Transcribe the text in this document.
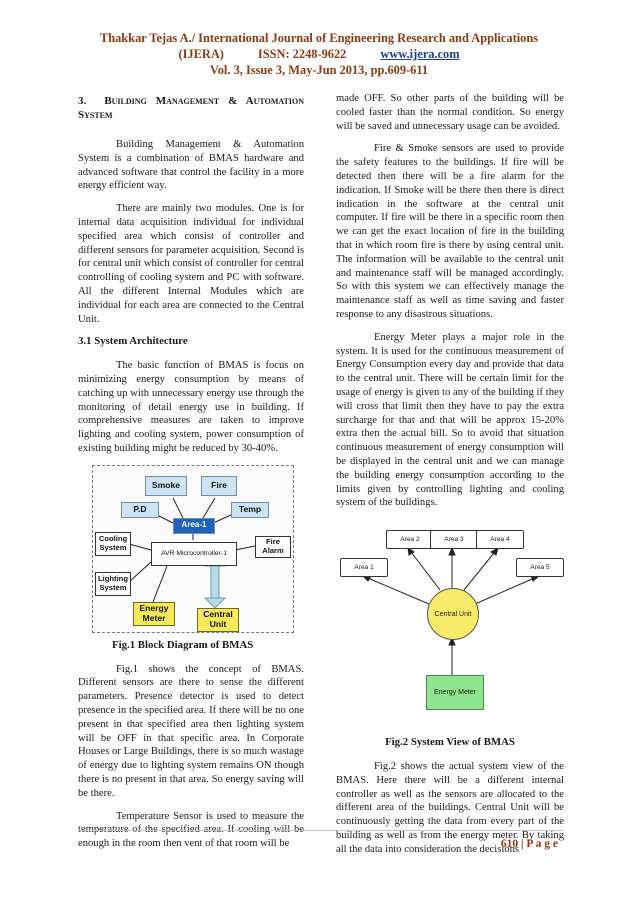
Thakkar Tejas A./ International Journal of Engineering Research and Applications
(IJERA)	ISSN: 2248-9622	www.ijera.com
Vol. 3, Issue 3, May-Jun 2013, pp.609-611
3. Building Management & Automation System

Building Management & Automation System is a combination of BMAS hardware and advanced software that control the facility in a more energy efficient way.

There are mainly two modules. One is for internal data acquisition individual for individual specified area which consist of controller and different sensors for parameter acquisition. Second is for central unit which consist of controller for central controlling of cooling system and PC with software. All the different Internal Modules which are individual for each area are connected to the Central Unit.

3.1 System Architecture

The basic function of BMAS is focus on minimizing energy consumption by means of catching up with unnecessary energy use through the monitoring of detail energy use in building. If comprehensive measures are taken to improve lighting and cooling system, power consumption of existing building might be reduced by 30-40%.

Smoke	Fire
P.D	Temp
Area-1
Cooling System
Fire Alarm
AVR Microcontroller-1
Lighting System
Energy Meter	Central Unit
Fig.1 Block Diagram of BMAS

Fig.1 shows the concept of BMAS. Different sensors are there to sense the different parameters. Presence detector is used to detect presence in the specified area. If there will be no one present in that specified area then lighting system will be OFF in that specific area. In Corporate Houses or Large Buildings, there is so much wastage of energy due to lighting system remains ON though there is no present in that area. So energy saving will be there.

Temperature Sensor is used to measure the temperature of the specified area. If cooling will be enough in the room then vent of that room will be

made OFF. So other parts of the building will be cooled faster than the normal condition. So energy will be saved and unnecessary usage can be avoided.

Fire & Smoke sensors are used to provide the safety features to the buildings. If fire will be detected then there will be a fire alarm for the indication. If Smoke will be there then there is direct indication in the software at the central unit computer. If fire will be there in a specific room then we can get the exact location of fire in the building that in which room fire is there by using central unit. The information will be available to the central unit and maintenance staff will be managed accordingly. So with this system we can effectively manage the maintenance staff as well as time saving and faster response to any disastrous situations.

Energy Meter plays a major role in the system. It is used for the continuous measurement of Energy Consumption every day and provide that data to the central unit. There will be certain limit for the usage of energy is given to any of the building if they will cross that limit then they have to pay the extra surcharge for that and that will be approx 15-20% extra then the actual bill. So to avoid that situation continuous measurement of energy consumption will be displayed in the central unit and we can manage the building energy consumption according to the limits given by controlling lighting and cooling system of the buildings.

Area 2	Area 3	Area 4
Area 1	Area 5
Central Unit
Energy Meter
Fig.2 System View of BMAS

Fig.2 shows the actual system view of the BMAS. Here there will be a different internal controller as well as the sensors are allocated to the different area of the buildings. Central Unit will be continuously getting the data from every part of the building as well as from the energy meter. By taking all the data into consideration the decisions

610 | P a g e
